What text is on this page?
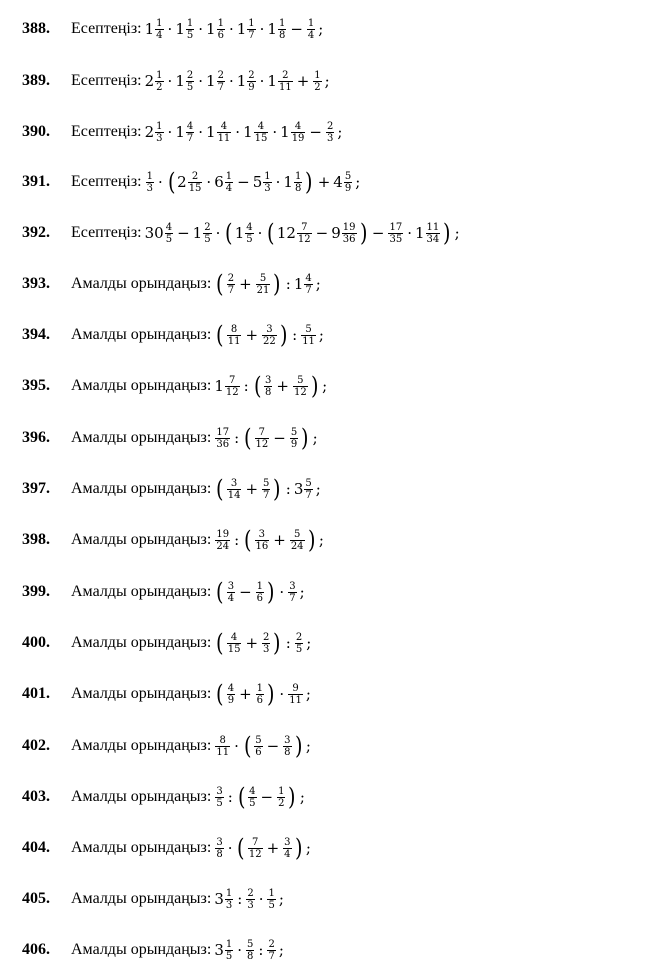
388. Есептеңіз: $1 \frac{1}{4} \cdot 1 \frac{1}{5} \cdot 1 \frac{1}{6} \cdot 1 \frac{1}{7} \cdot 1 \frac{1}{8} - \frac{1}{4}$ ;
389. Есептеңіз: $2 \frac{1}{2} \cdot 1 \frac{2}{5} \cdot 1 \frac{2}{7} \cdot 1 \frac{2}{9} \cdot 1 \frac{2}{11} + \frac{1}{2}$ ;
390. Есептеңіз: $2 \frac{1}{3} \cdot 1 \frac{4}{7} \cdot 1 \frac{4}{11} \cdot 1 \frac{4}{15} \cdot 1 \frac{4}{19} - \frac{2}{3}$ ;
391. Есептеңіз: $\frac{1}{3}$ · ( $2 \frac{2}{15} \cdot 6 \frac{1}{4} - 5 \frac{1}{3} \cdot 1 \frac{1}{8}$ ) + $4 \frac{5}{9}$ ;
392. Есептеңіз: $30 \frac{4}{5} - 1 \frac{2}{5}$ · ( $1 \frac{4}{5}$ · ( $12 \frac{7}{12} - 9 \frac{19}{36}$ ) − $\frac{17}{35} \cdot 1 \frac{11}{34}$ ) ;
393. Амалды орындаңыз: ( $\frac{2}{7} + \frac{5}{21}$ ) : $1 \frac{4}{7}$ ;
394. Амалды орындаңыз: ( $\frac{8}{11} + \frac{3}{22}$ ) : $\frac{5}{11}$ ;
395. Амалды орындаңыз: $1 \frac{7}{12}$ : ( $\frac{3}{8} + \frac{5}{12}$ ) ;
396. Амалды орындаңыз: $\frac{17}{36}$ : ( $\frac{7}{12} - \frac{5}{9}$ ) ;
397. Амалды орындаңыз: ( $\frac{3}{14} + \frac{5}{7}$ ) : $3 \frac{5}{7}$ ;
398. Амалды орындаңыз: $\frac{19}{24}$ : ( $\frac{3}{16} + \frac{5}{24}$ ) ;
399. Амалды орындаңыз: ( $\frac{3}{4} - \frac{1}{6}$ ) · $\frac{3}{7}$ ;
400. Амалды орындаңыз: ( $\frac{4}{15} + \frac{2}{3}$ ) : $\frac{2}{5}$ ;
401. Амалды орындаңыз: ( $\frac{4}{9} + \frac{1}{6}$ ) · $\frac{9}{11}$ ;
402. Амалды орындаңыз: $\frac{8}{11}$ · ( $\frac{5}{6} - \frac{3}{8}$ ) ;
403. Амалды орындаңыз: $\frac{3}{5}$ : ( $\frac{4}{5} - \frac{1}{2}$ ) ;
404. Амалды орындаңыз: $\frac{3}{8}$ · ( $\frac{7}{12} + \frac{3}{4}$ ) ;
405. Амалды орындаңыз: $3 \frac{1}{3}$ : $\frac{2}{3} \cdot \frac{1}{5}$ ;
406. Амалды орындаңыз: $3 \frac{1}{5} \cdot \frac{5}{8}$ : $\frac{2}{7}$ ;
